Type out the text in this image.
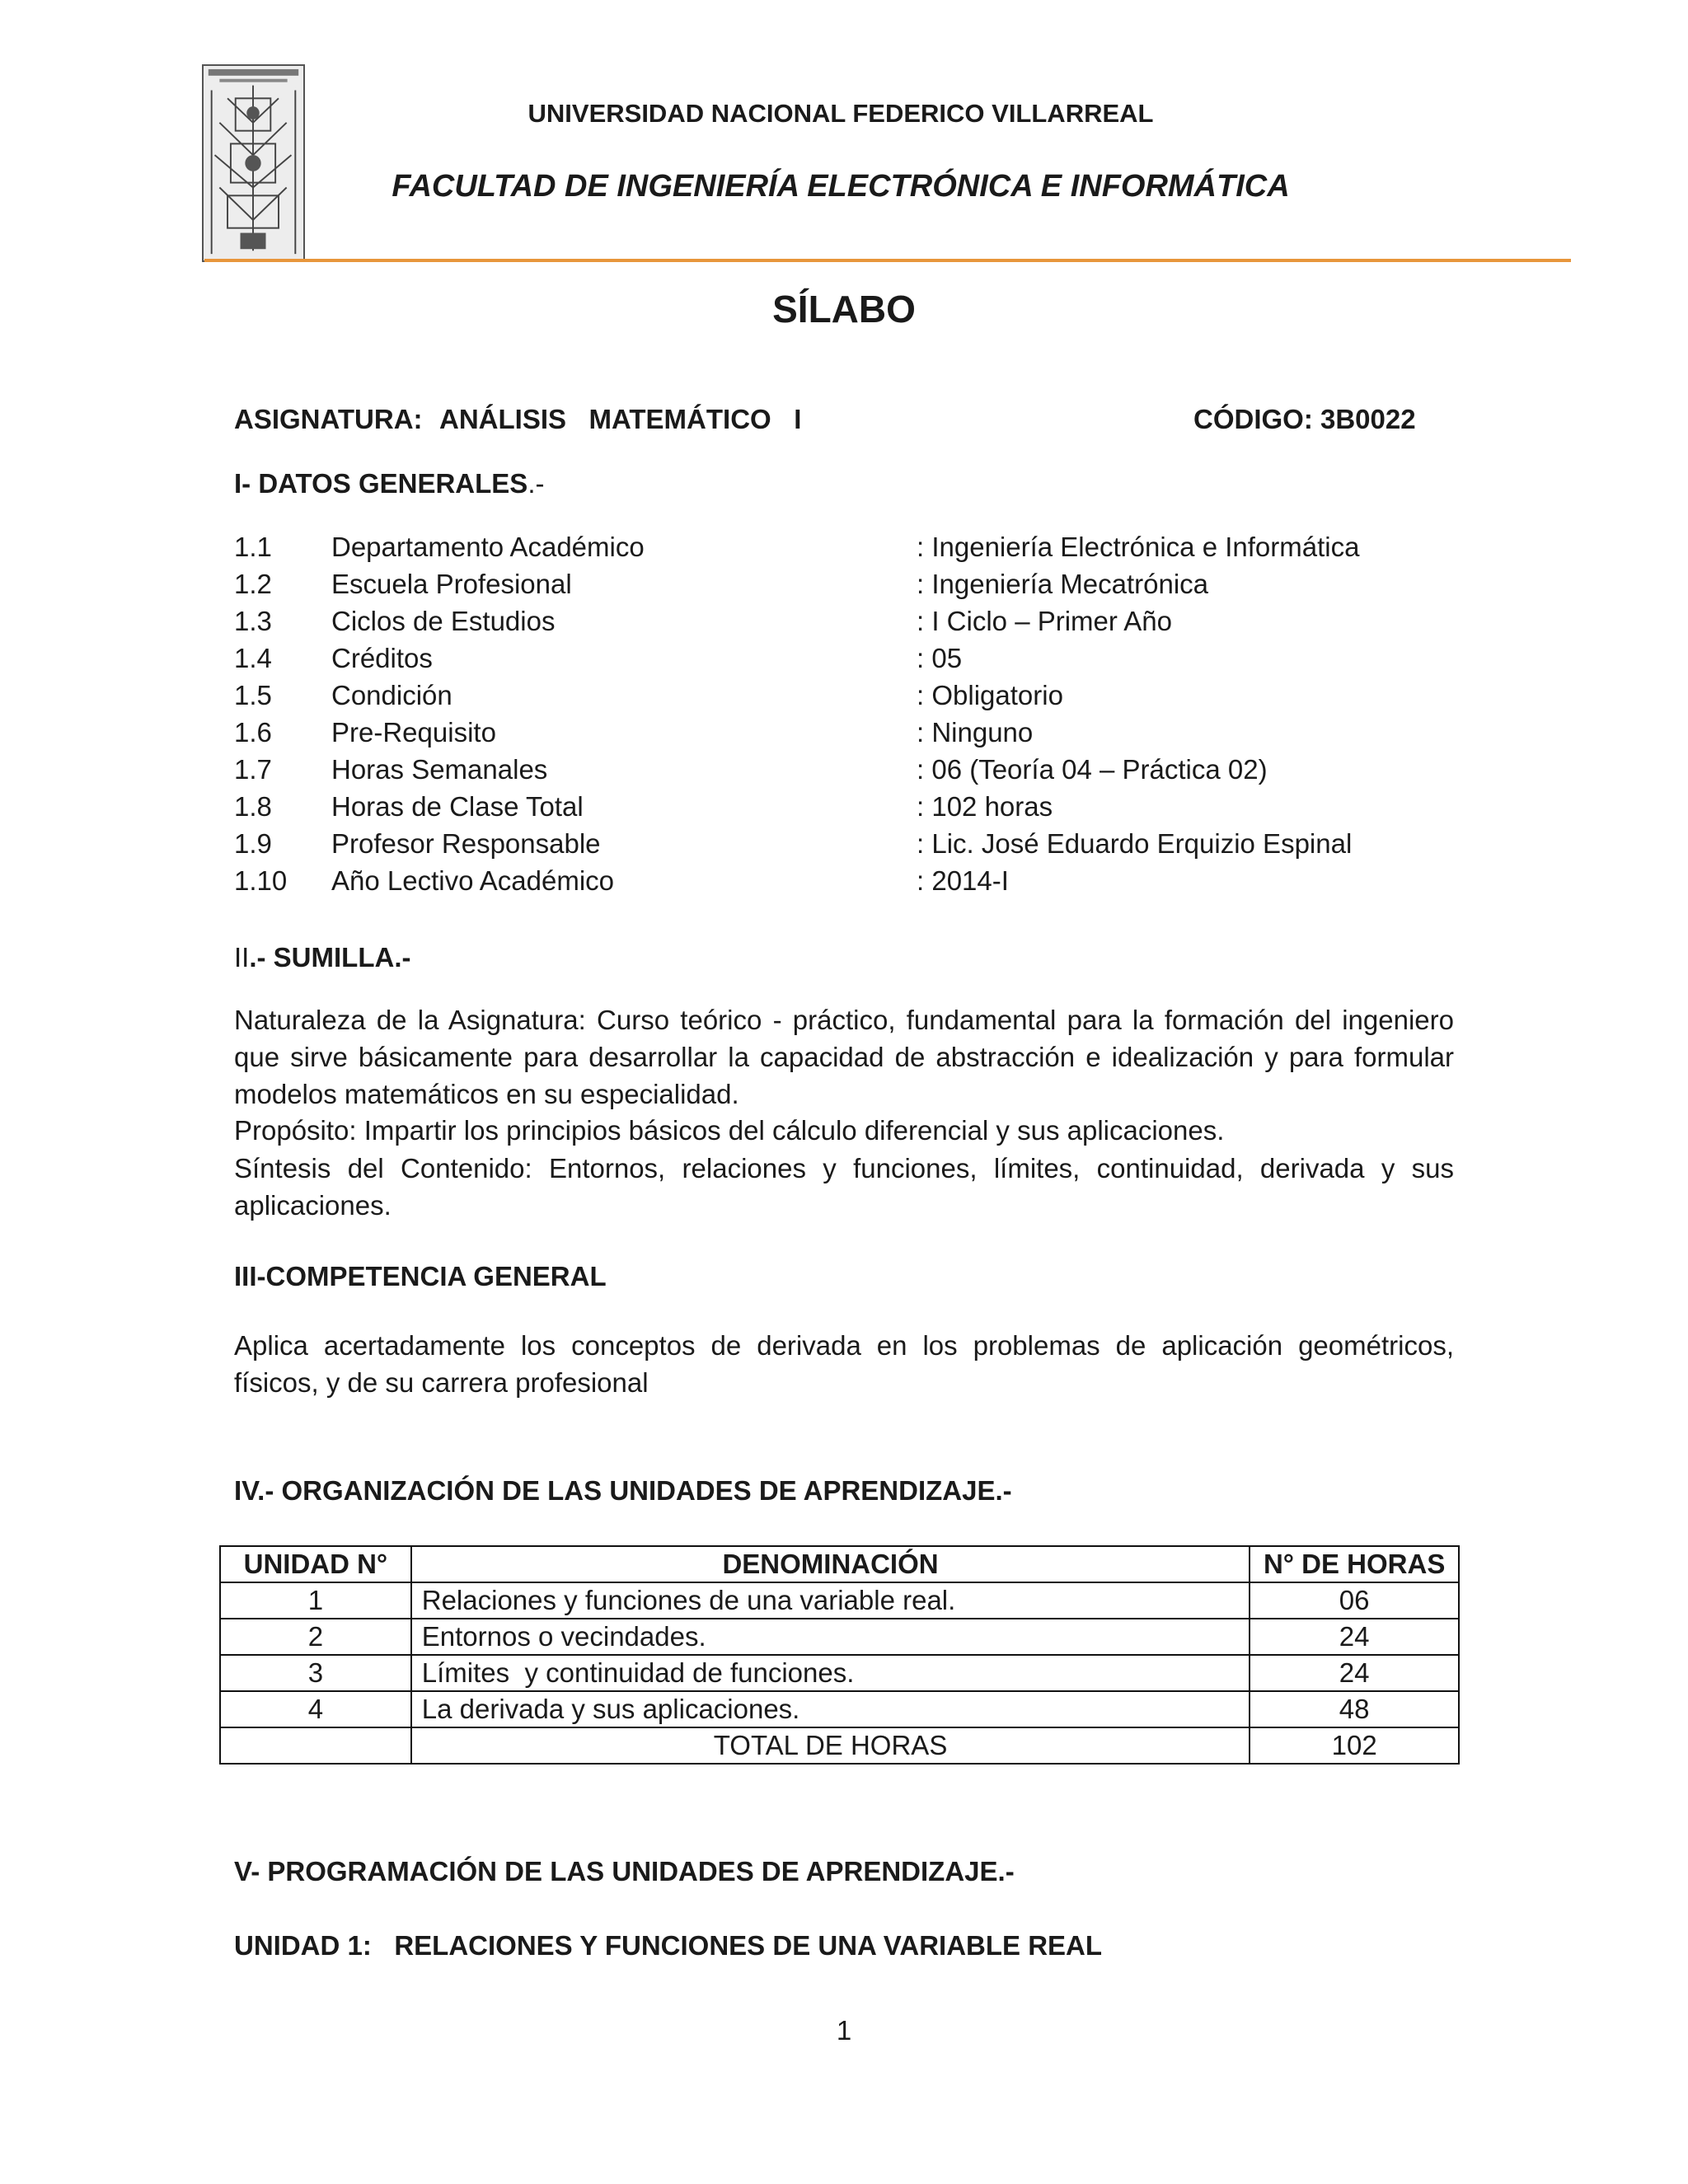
UNIVERSIDAD NACIONAL FEDERICO VILLARREAL
FACULTAD DE INGENIERÍA ELECTRÓNICA E INFORMÁTICA
SÍLABO
ASIGNATURA: ANÁLISIS   MATEMÁTICO   I	CÓDIGO: 3B0022
I- DATOS GENERALES.-
1.1 Departamento Académico	: Ingeniería Electrónica e Informática
1.2 Escuela Profesional	: Ingeniería Mecatrónica
1.3 Ciclos de Estudios	: I Ciclo – Primer Año
1.4 Créditos	: 05
1.5 Condición	: Obligatorio
1.6 Pre-Requisito	: Ninguno
1.7 Horas Semanales	: 06 (Teoría 04 – Práctica 02)
1.8 Horas de Clase Total	: 102 horas
1.9 Profesor Responsable	: Lic. José Eduardo Erquizio Espinal
1.10 Año Lectivo Académico	: 2014-I
II.- SUMILLA.-
Naturaleza de la Asignatura: Curso teórico - práctico, fundamental para la formación del ingeniero que sirve básicamente para desarrollar la capacidad de abstracción e idealización y para formular modelos matemáticos en su especialidad.
Propósito: Impartir los principios básicos del cálculo diferencial y sus aplicaciones.
Síntesis del Contenido: Entornos, relaciones y funciones, límites, continuidad, derivada y sus aplicaciones.
III-COMPETENCIA GENERAL
Aplica acertadamente los conceptos de derivada en los problemas de aplicación geométricos, físicos, y de su carrera profesional
IV.- ORGANIZACIÓN DE LAS UNIDADES DE APRENDIZAJE.-
UNIDAD N°	DENOMINACIÓN	N° DE HORAS
1	Relaciones y funciones de una variable real.	06
2	Entornos o vecindades.	24
3	Límites  y continuidad de funciones.	24
4	La derivada y sus aplicaciones.	48
	TOTAL DE HORAS	102
V- PROGRAMACIÓN DE LAS UNIDADES DE APRENDIZAJE.-
UNIDAD 1:   RELACIONES Y FUNCIONES DE UNA VARIABLE REAL
1
